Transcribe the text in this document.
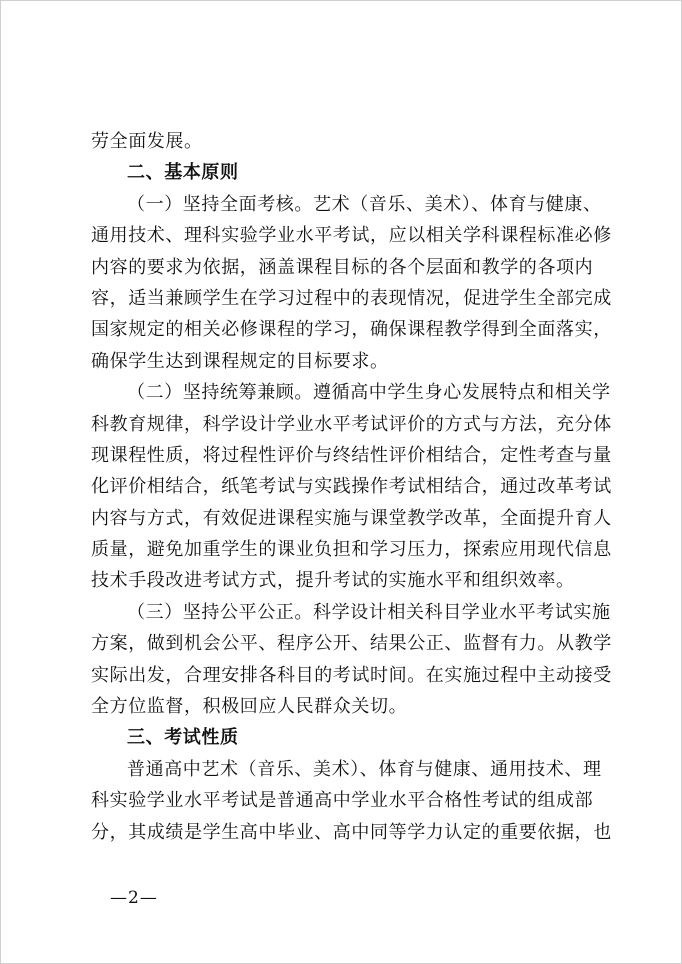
劳全面发展。
二、基本原则
（一）坚持全面考核。艺术（音乐、美术）、体育与健康、
通用技术、理科实验学业水平考试，应以相关学科课程标准必修
内容的要求为依据，涵盖课程目标的各个层面和教学的各项内
容，适当兼顾学生在学习过程中的表现情况，促进学生全部完成
国家规定的相关必修课程的学习，确保课程教学得到全面落实，
确保学生达到课程规定的目标要求。
（二）坚持统筹兼顾。遵循高中学生身心发展特点和相关学
科教育规律，科学设计学业水平考试评价的方式与方法，充分体
现课程性质，将过程性评价与终结性评价相结合，定性考查与量
化评价相结合，纸笔考试与实践操作考试相结合，通过改革考试
内容与方式，有效促进课程实施与课堂教学改革，全面提升育人
质量，避免加重学生的课业负担和学习压力，探索应用现代信息
技术手段改进考试方式，提升考试的实施水平和组织效率。
（三）坚持公平公正。科学设计相关科目学业水平考试实施
方案，做到机会公平、程序公开、结果公正、监督有力。从教学
实际出发，合理安排各科目的考试时间。在实施过程中主动接受
全方位监督，积极回应人民群众关切。
三、考试性质
普通高中艺术（音乐、美术）、体育与健康、通用技术、理
科实验学业水平考试是普通高中学业水平合格性考试的组成部
分，其成绩是学生高中毕业、高中同等学力认定的重要依据，也
—2—
